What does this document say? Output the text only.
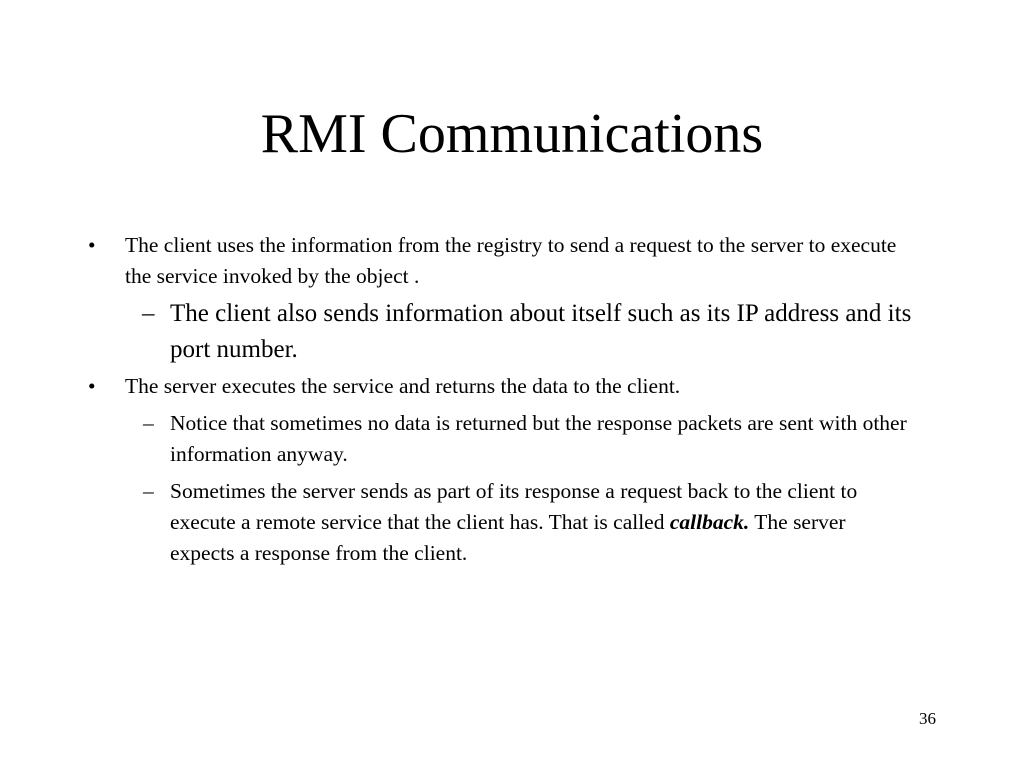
RMI Communications
• The client uses the information from the registry to send a request to the server to execute the service invoked by the object .
– The client also sends information about itself such as its IP address and its port number.
• The server executes the service and returns the data to the client.
– Notice that sometimes no data is returned but the response packets are sent with other information anyway.
– Sometimes the server sends as part of its response a request back to the client to execute a remote service that the client has. That is called callback. The server expects a response from the client.
36
